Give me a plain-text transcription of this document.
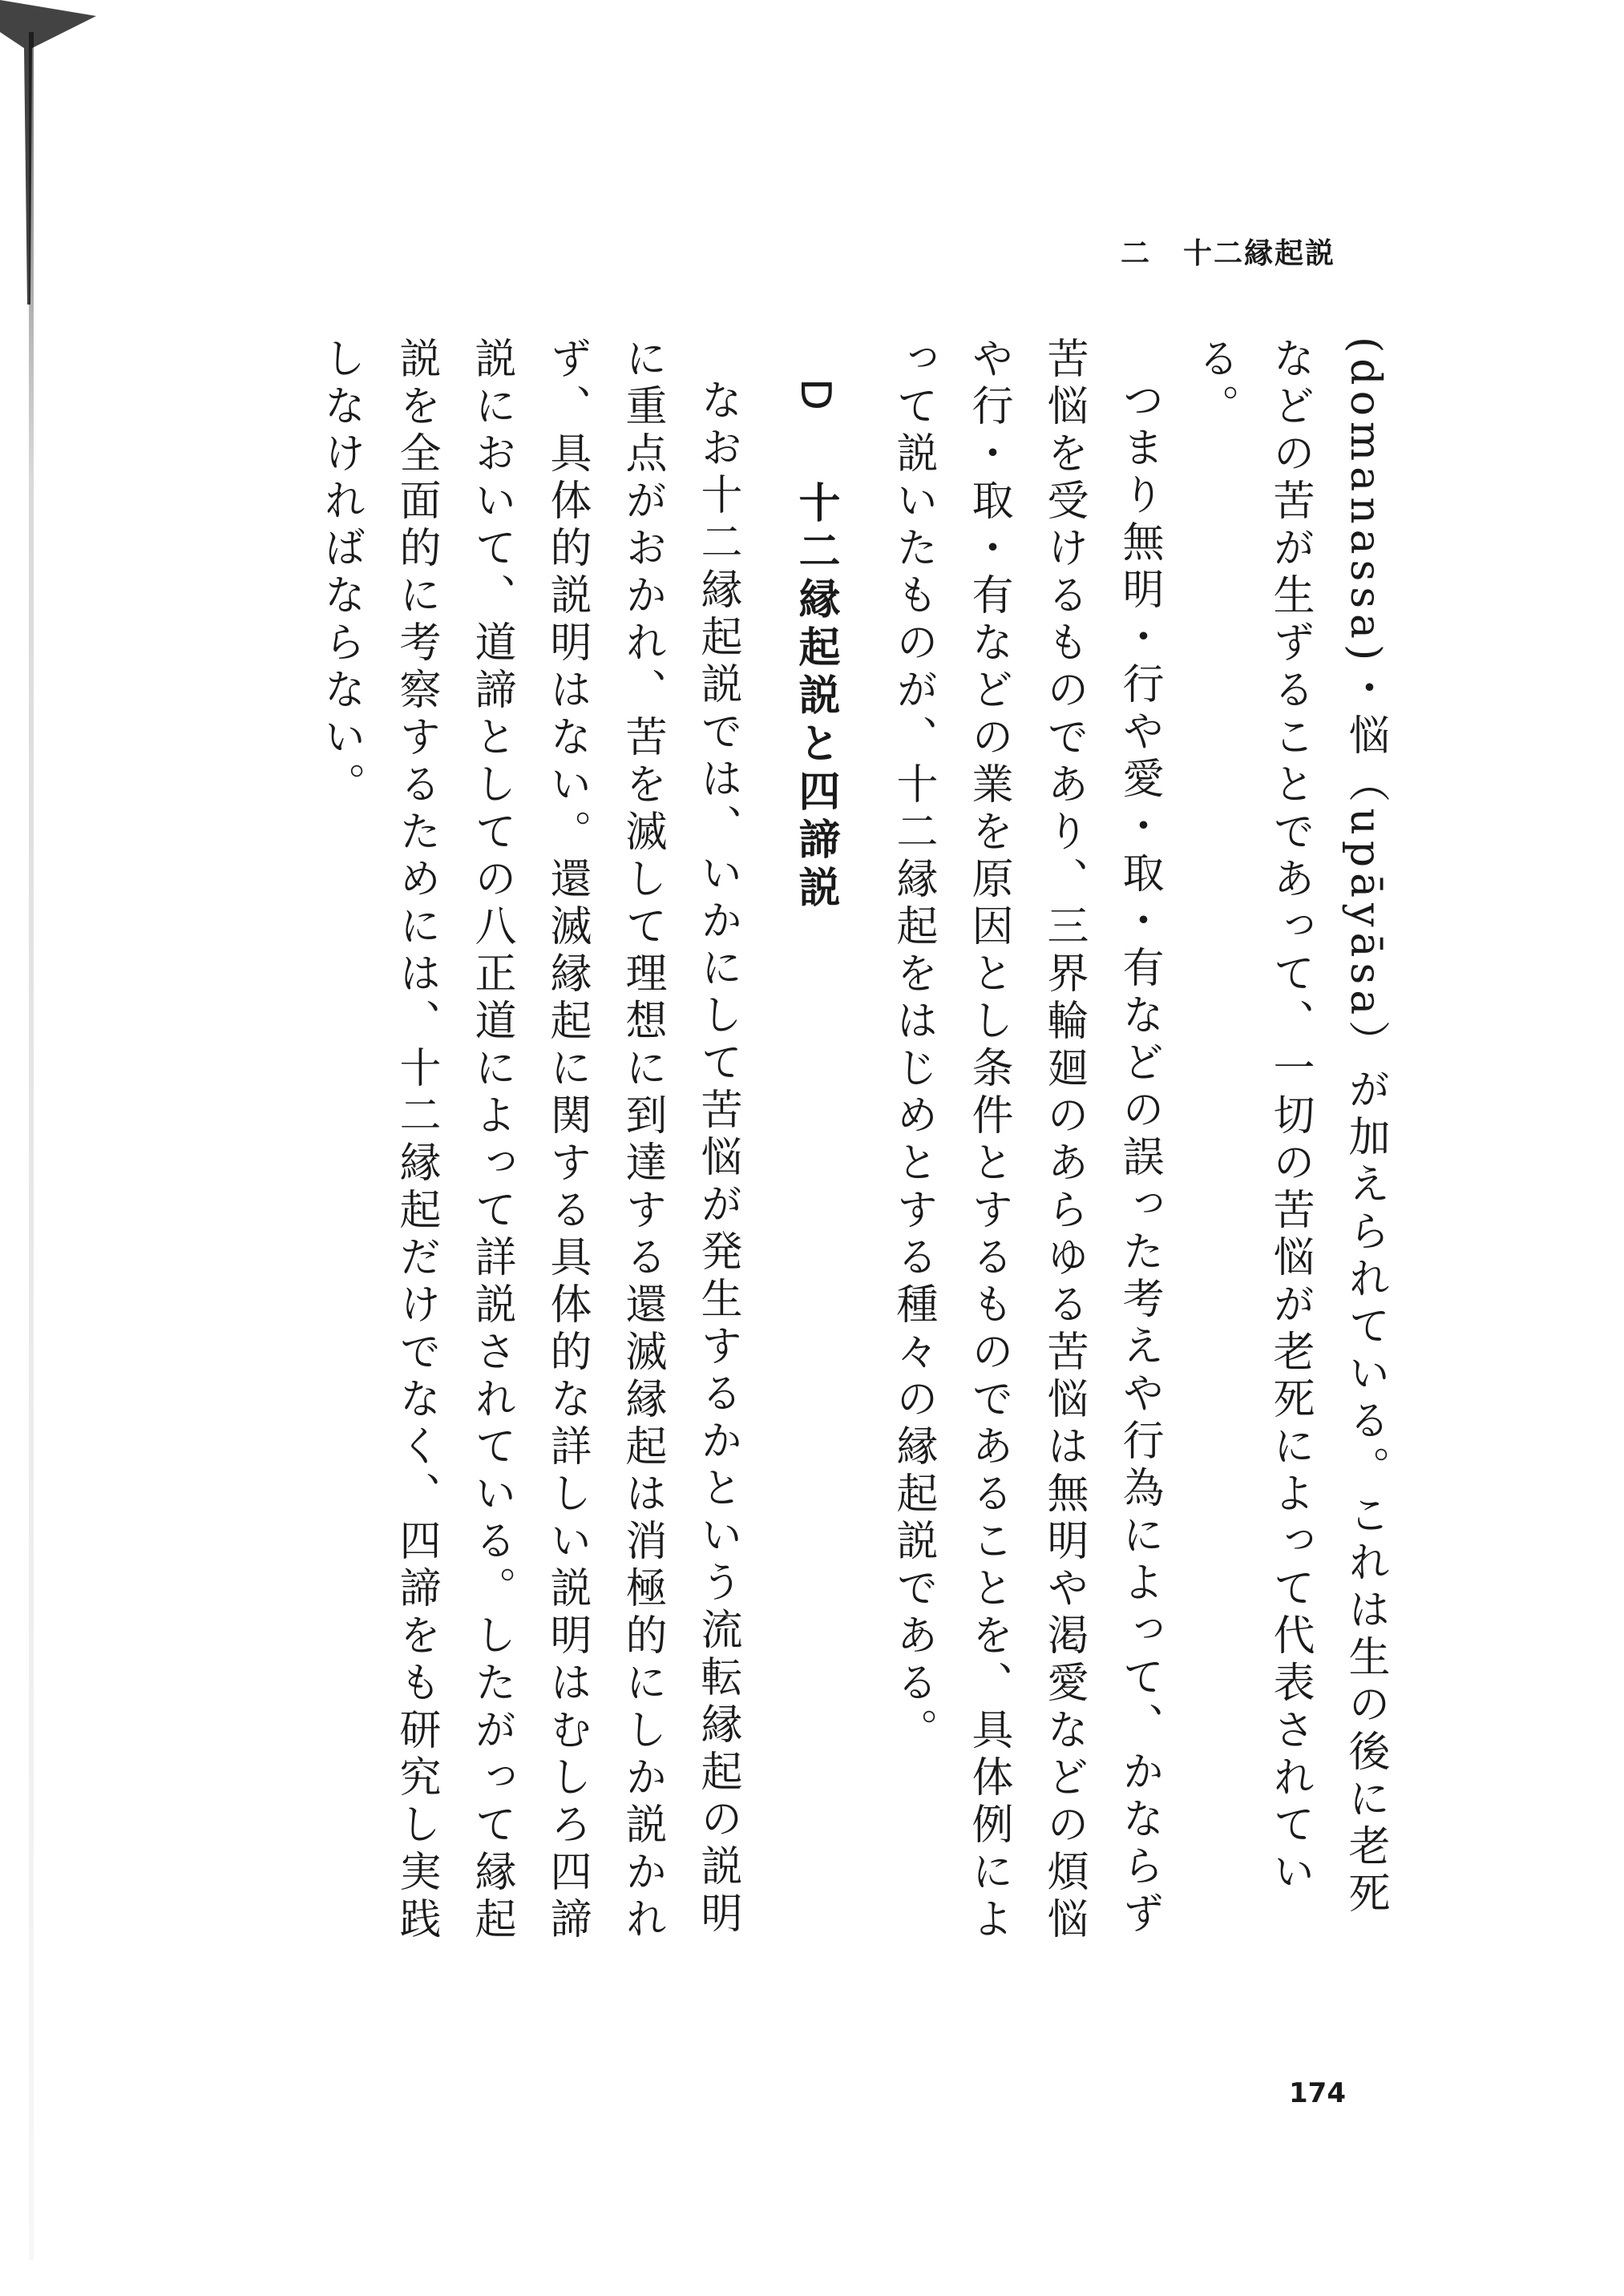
二 十二縁起説

(domanassa)・悩（upāyāsa）が加えられている。これは生の後に老死などの苦が生ずることであって、一切の苦悩が老死によって代表されている。

つまり無明・行や愛・取・有などの誤った考えや行為によって、かならず苦悩を受けるものであり、三界輪廻のあらゆる苦悩は無明や渇愛などの煩悩や行・取・有などの業を原因とし条件とするものであることを、具体例によって説いたものが、十二縁起をはじめとする種々の縁起説である。

D十二縁起説と四諦説

なお十二縁起説では、いかにして苦悩が発生するかという流転縁起の説明に重点がおかれ、苦を滅して理想に到達する還滅縁起は消極的にしか説かれず、具体的説明はない。還滅縁起に関する具体的な詳しい説明はむしろ四諦説において、道諦としての八正道によって詳説されている。したがって縁起説を全面的に考察するためには、十二縁起だけでなく、四諦をも研究し実践しなければならない。

174
